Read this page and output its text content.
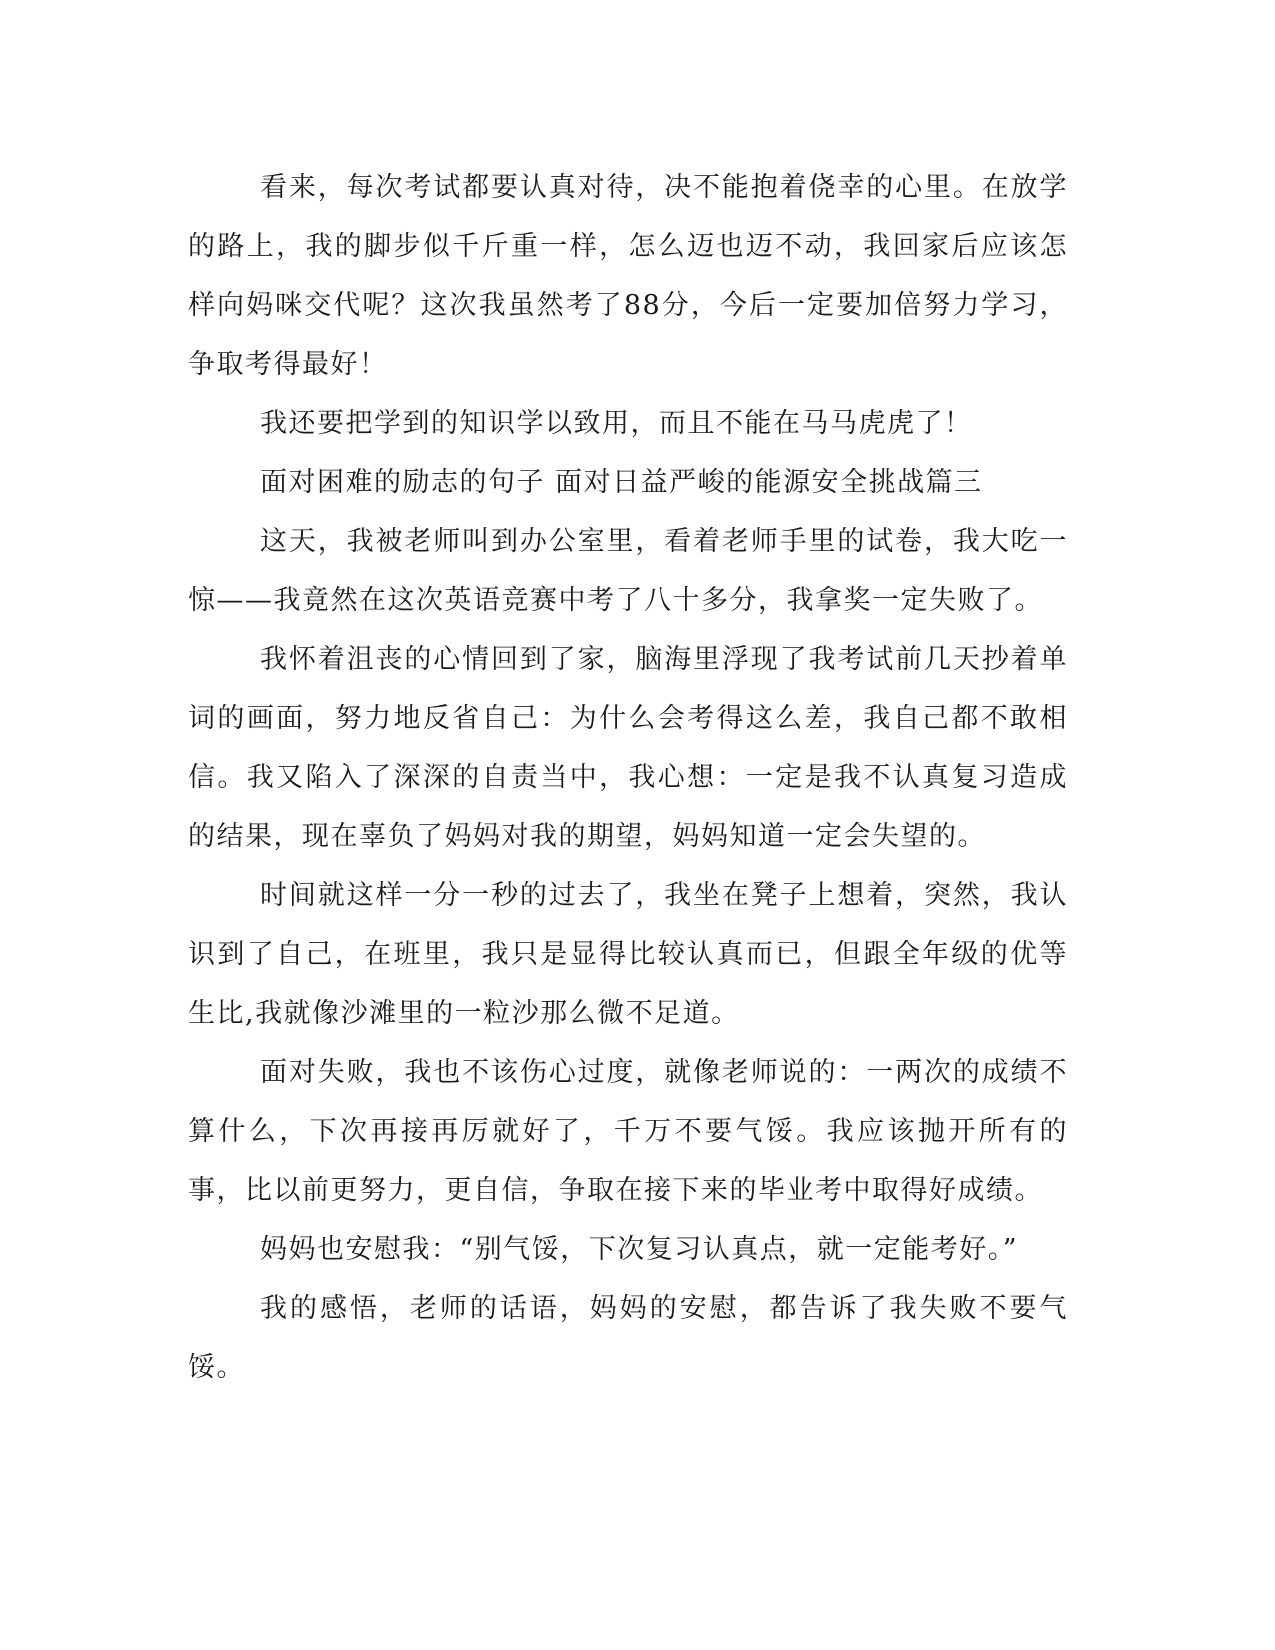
看来，每次考试都要认真对待，决不能抱着侥幸的心里。在放学的路上，我的脚步似千斤重一样，怎么迈也迈不动，我回家后应该怎样向妈咪交代呢？这次我虽然考了88分，今后一定要加倍努力学习，争取考得最好！

我还要把学到的知识学以致用，而且不能在马马虎虎了！

面对困难的励志的句子 面对日益严峻的能源安全挑战篇三

这天，我被老师叫到办公室里，看着老师手里的试卷，我大吃一惊——我竟然在这次英语竞赛中考了八十多分，我拿奖一定失败了。

我怀着沮丧的心情回到了家，脑海里浮现了我考试前几天抄着单词的画面，努力地反省自己：为什么会考得这么差，我自己都不敢相信。我又陷入了深深的自责当中，我心想：一定是我不认真复习造成的结果，现在辜负了妈妈对我的期望，妈妈知道一定会失望的。

时间就这样一分一秒的过去了，我坐在凳子上想着，突然，我认识到了自己，在班里，我只是显得比较认真而已，但跟全年级的优等生比,我就像沙滩里的一粒沙那么微不足道。

面对失败，我也不该伤心过度，就像老师说的：一两次的成绩不算什么，下次再接再厉就好了，千万不要气馁。我应该抛开所有的事，比以前更努力，更自信，争取在接下来的毕业考中取得好成绩。

妈妈也安慰我：“别气馁，下次复习认真点，就一定能考好。”

我的感悟，老师的话语，妈妈的安慰，都告诉了我失败不要气馁。
